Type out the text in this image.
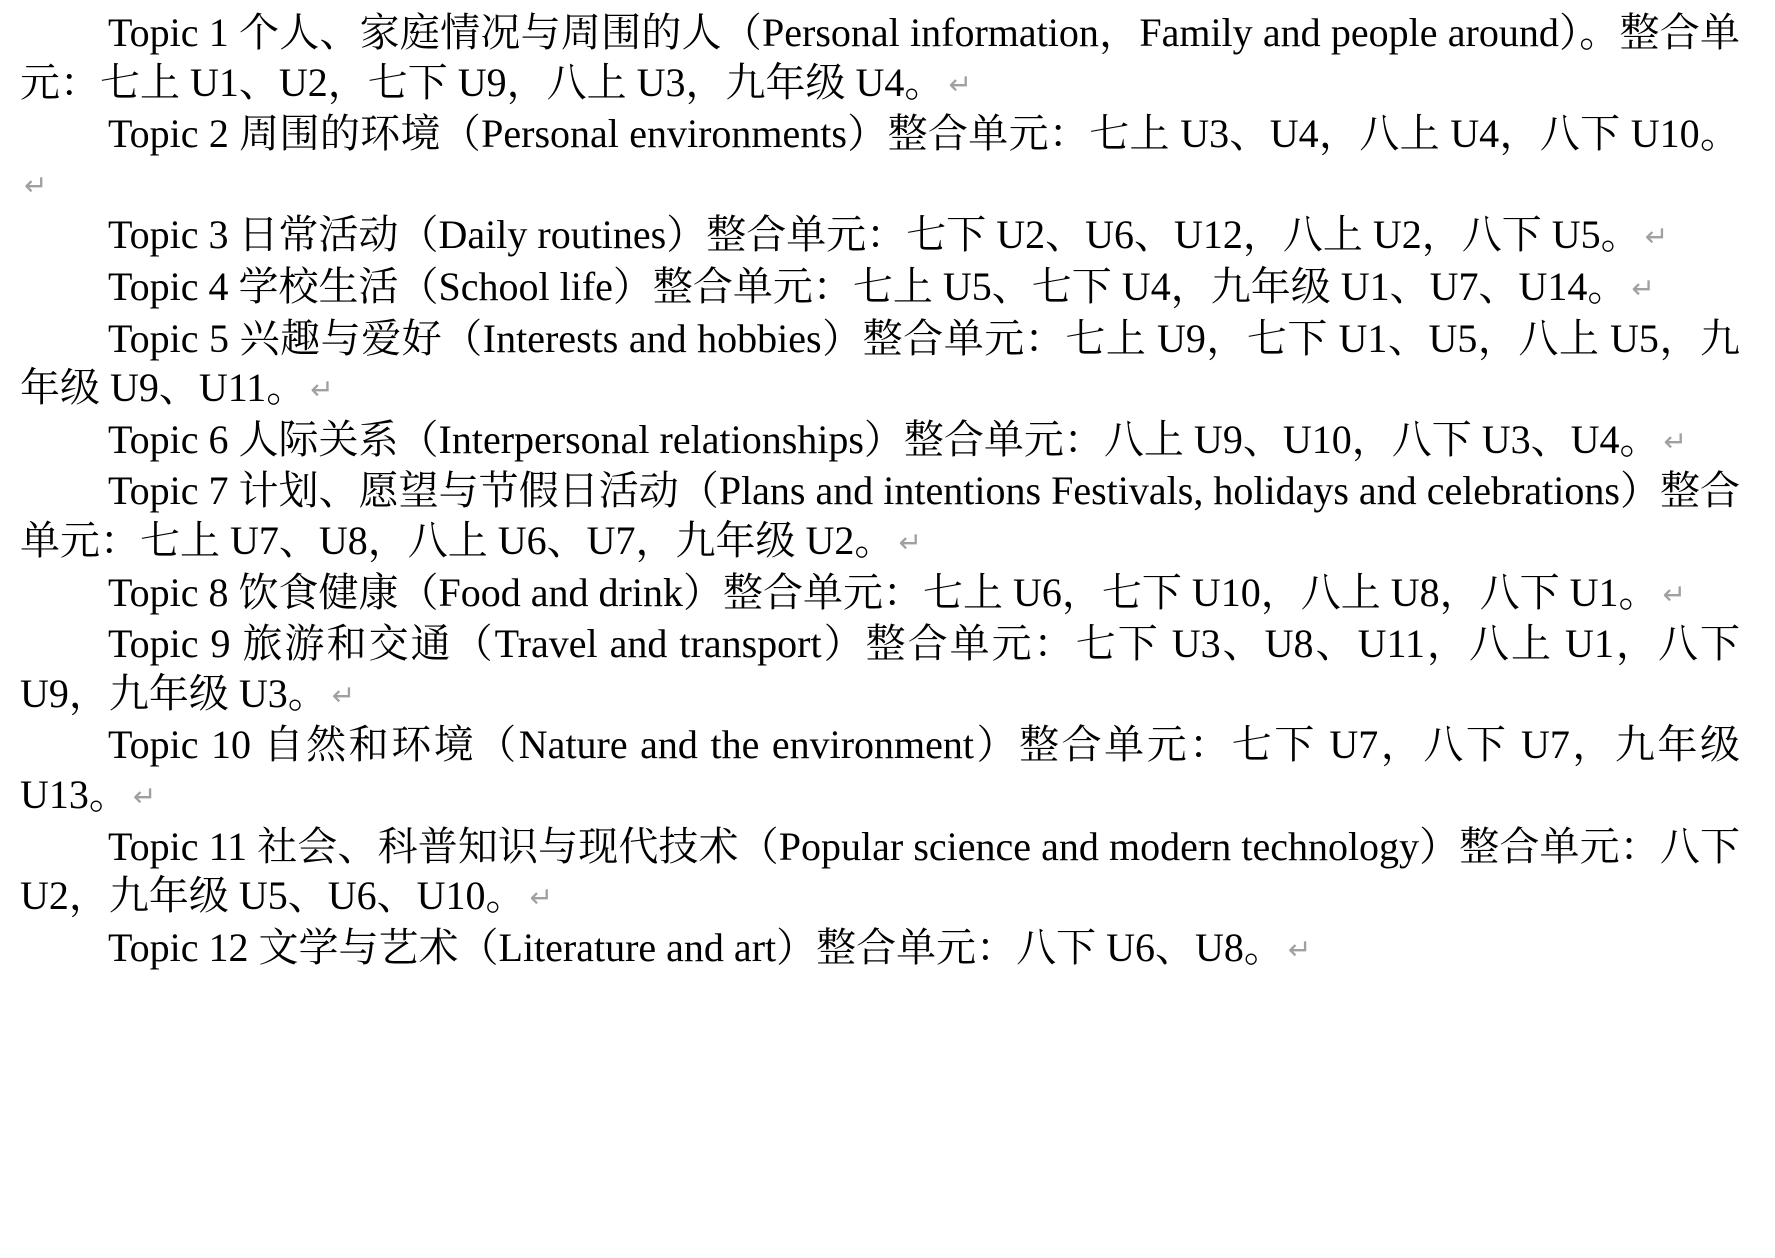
Topic 1 个人、家庭情况与周围的人（Personal information，Family and people around）。整合单元：七上 U1、U2，七下 U9，八上 U3，九年级 U4。 ↵

Topic 2 周围的环境（Personal environments）整合单元：七上 U3、U4，八上 U4，八下 U10。↵

Topic 3 日常活动（Daily routines）整合单元：七下 U2、U6、U12，八上 U2，八下 U5。 ↵

Topic 4 学校生活（School life）整合单元：七上 U5、七下 U4，九年级 U1、U7、U14。 ↵

Topic 5 兴趣与爱好（Interests and hobbies）整合单元：七上 U9，七下 U1、U5，八上 U5，九年级 U9、U11。 ↵

Topic 6 人际关系（Interpersonal relationships）整合单元：八上 U9、U10，八下 U3、U4。 ↵

Topic 7 计划、愿望与节假日活动（Plans and intentions Festivals, holidays and celebrations）整合单元：七上 U7、U8，八上 U6、U7，九年级 U2。 ↵

Topic 8 饮食健康（Food and drink）整合单元：七上 U6，七下 U10，八上 U8，八下 U1。 ↵

Topic 9 旅游和交通（Travel and transport）整合单元：七下 U3、U8、U11，八上 U1，八下 U9，九年级 U3。 ↵

Topic 10 自然和环境（Nature and the environment）整合单元：七下 U7，八下 U7，九年级 U13。 ↵

Topic 11 社会、科普知识与现代技术（Popular science and modern technology）整合单元：八下 U2，九年级 U5、U6、U10。 ↵

Topic 12 文学与艺术（Literature and art）整合单元：八下 U6、U8。 ↵
